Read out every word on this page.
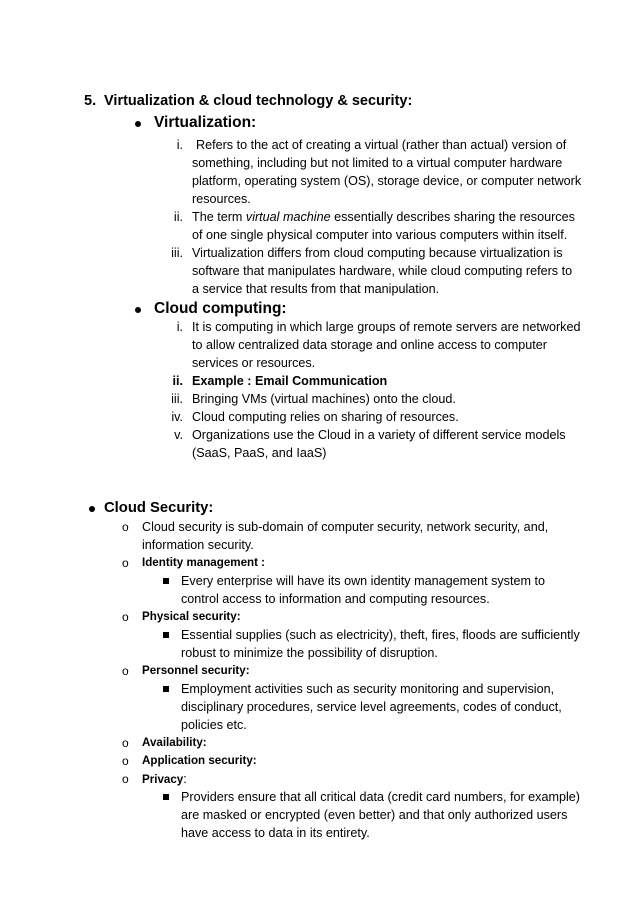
5. Virtualization & cloud technology & security:
Virtualization:
i. Refers to the act of creating a virtual (rather than actual) version of
something, including but not limited to a virtual computer hardware
platform, operating system (OS), storage device, or computer network
resources.
ii. The term virtual machine essentially describes sharing the resources
of one single physical computer into various computers within itself.
iii. Virtualization differs from cloud computing because virtualization is
software that manipulates hardware, while cloud computing refers to
a service that results from that manipulation.
Cloud computing:
i. It is computing in which large groups of remote servers are networked
to allow centralized data storage and online access to computer
services or resources.
ii. Example : Email Communication
iii. Bringing VMs (virtual machines) onto the cloud.
iv. Cloud computing relies on sharing of resources.
v. Organizations use the Cloud in a variety of different service models
(SaaS, PaaS, and IaaS)
Cloud Security:
o Cloud security is sub-domain of computer security, network security, and,
information security.
o Identity management :
Every enterprise will have its own identity management system to
control access to information and computing resources.
o Physical security:
Essential supplies (such as electricity), theft, fires, floods are sufficiently
robust to minimize the possibility of disruption.
o Personnel security:
Employment activities such as security monitoring and supervision,
disciplinary procedures, service level agreements, codes of conduct,
policies etc.
o Availability:
o Application security:
o Privacy:
Providers ensure that all critical data (credit card numbers, for example)
are masked or encrypted (even better) and that only authorized users
have access to data in its entirety.
